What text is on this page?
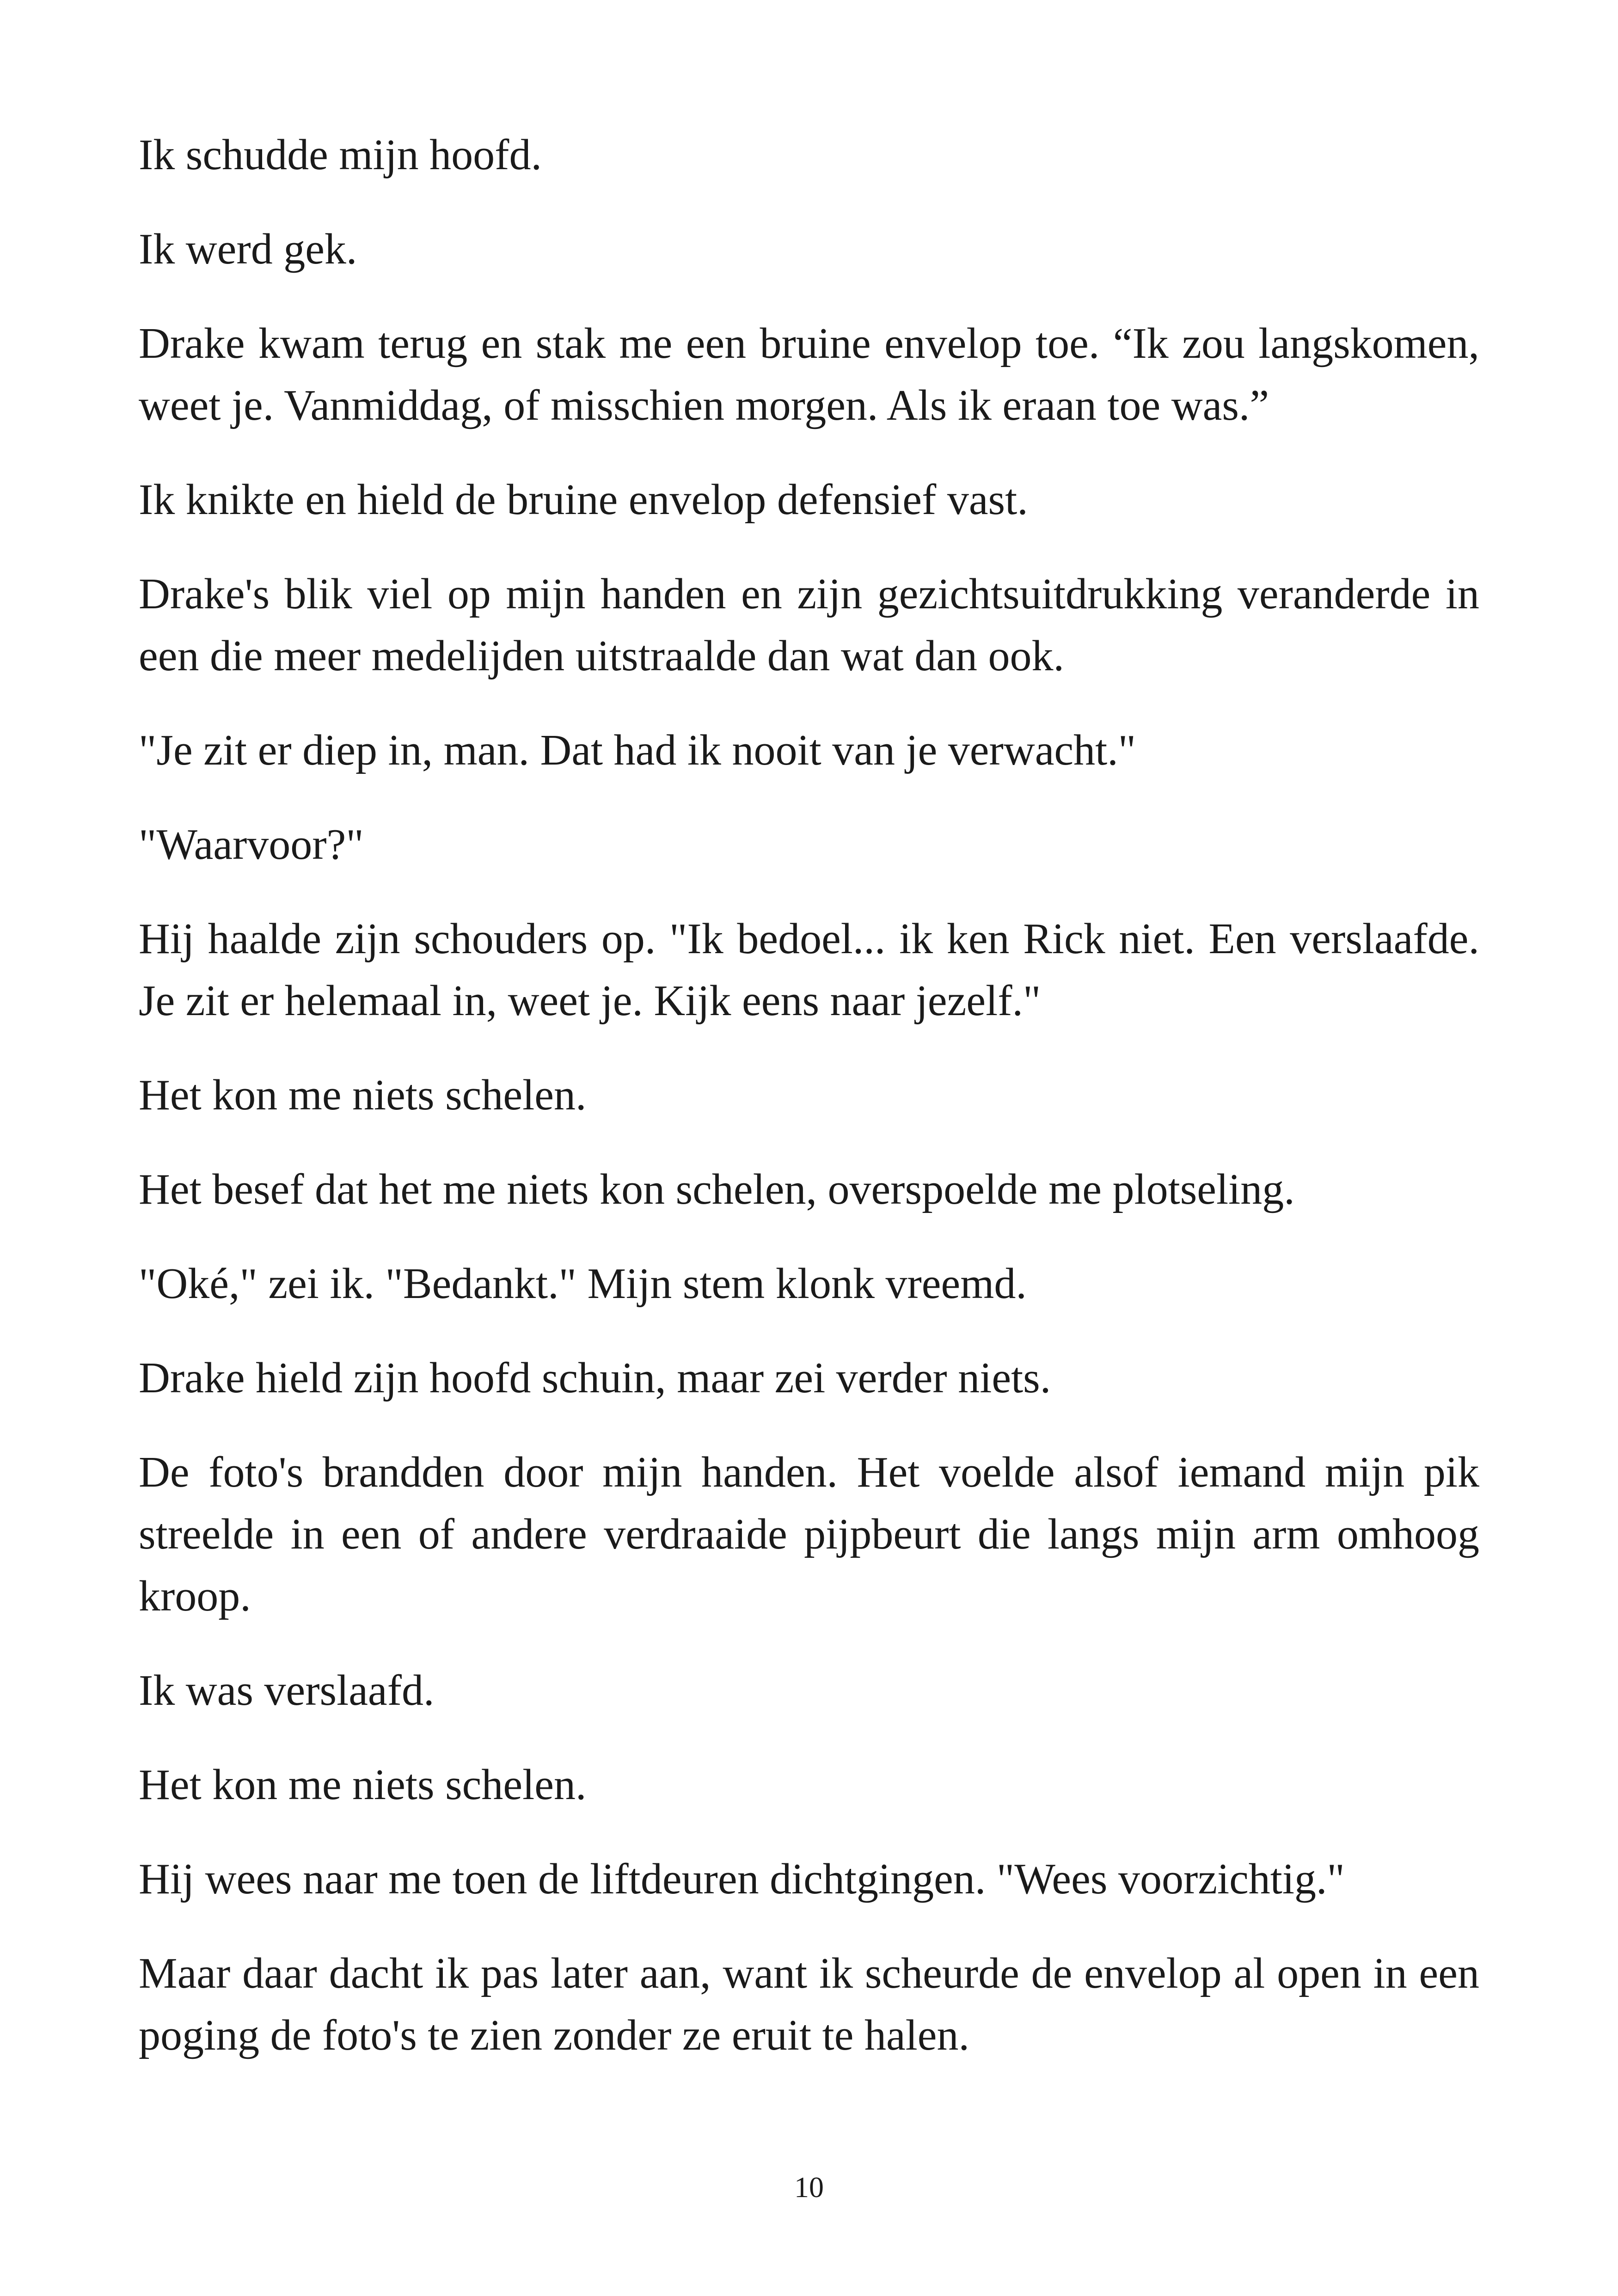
Ik schudde mijn hoofd.

Ik werd gek.

Drake kwam terug en stak me een bruine envelop toe. “Ik zou langskomen, weet je. Vanmiddag, of misschien morgen. Als ik eraan toe was.”

Ik knikte en hield de bruine envelop defensief vast.

Drake's blik viel op mijn handen en zijn gezichtsuitdrukking veranderde in een die meer medelijden uitstraalde dan wat dan ook.

"Je zit er diep in, man. Dat had ik nooit van je verwacht."

"Waarvoor?"

Hij haalde zijn schouders op. "Ik bedoel... ik ken Rick niet. Een verslaafde. Je zit er helemaal in, weet je. Kijk eens naar jezelf."

Het kon me niets schelen.

Het besef dat het me niets kon schelen, overspoelde me plotseling.

"Oké," zei ik. "Bedankt." Mijn stem klonk vreemd.

Drake hield zijn hoofd schuin, maar zei verder niets.

De foto's brandden door mijn handen. Het voelde alsof iemand mijn pik streelde in een of andere verdraaide pijpbeurt die langs mijn arm omhoog kroop.

Ik was verslaafd.

Het kon me niets schelen.

Hij wees naar me toen de liftdeuren dichtgingen. "Wees voorzichtig."

Maar daar dacht ik pas later aan, want ik scheurde de envelop al open in een poging de foto's te zien zonder ze eruit te halen.

10
